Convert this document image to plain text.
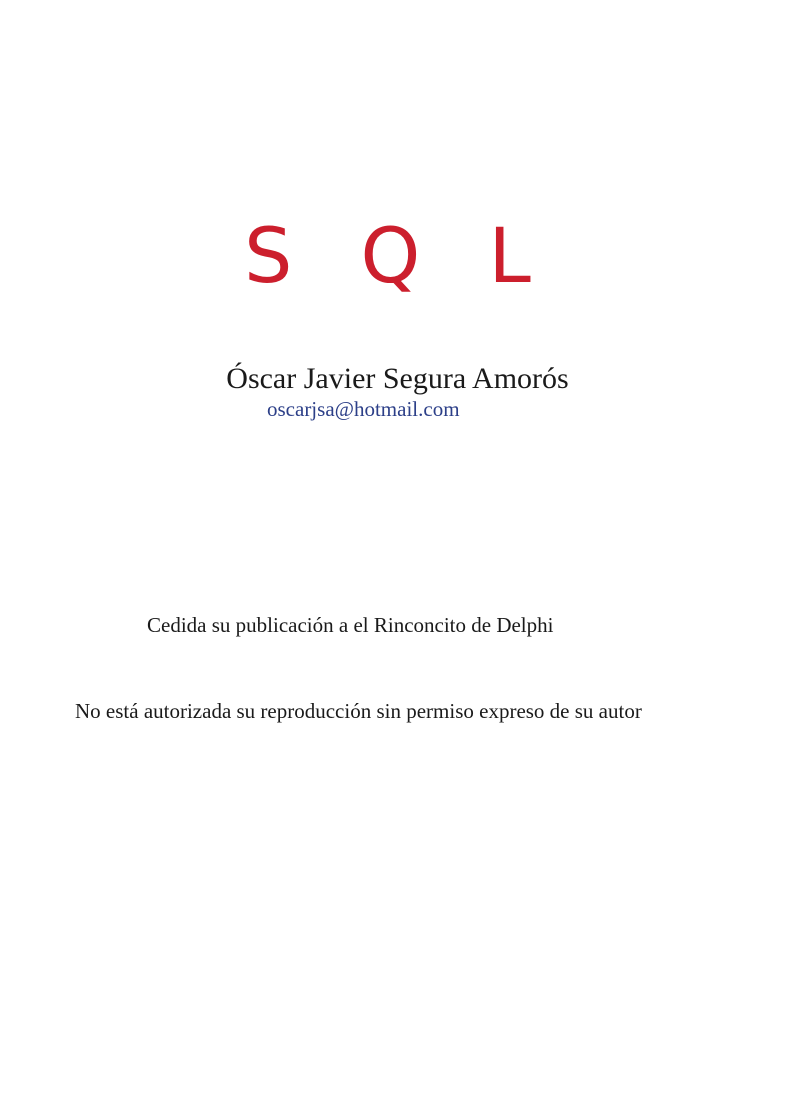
S Q L
Óscar Javier Segura Amorós
oscarjsa@hotmail.com
Cedida su publicación a el Rinconcito de Delphi
No está autorizada su reproducción sin permiso expreso de su autor
